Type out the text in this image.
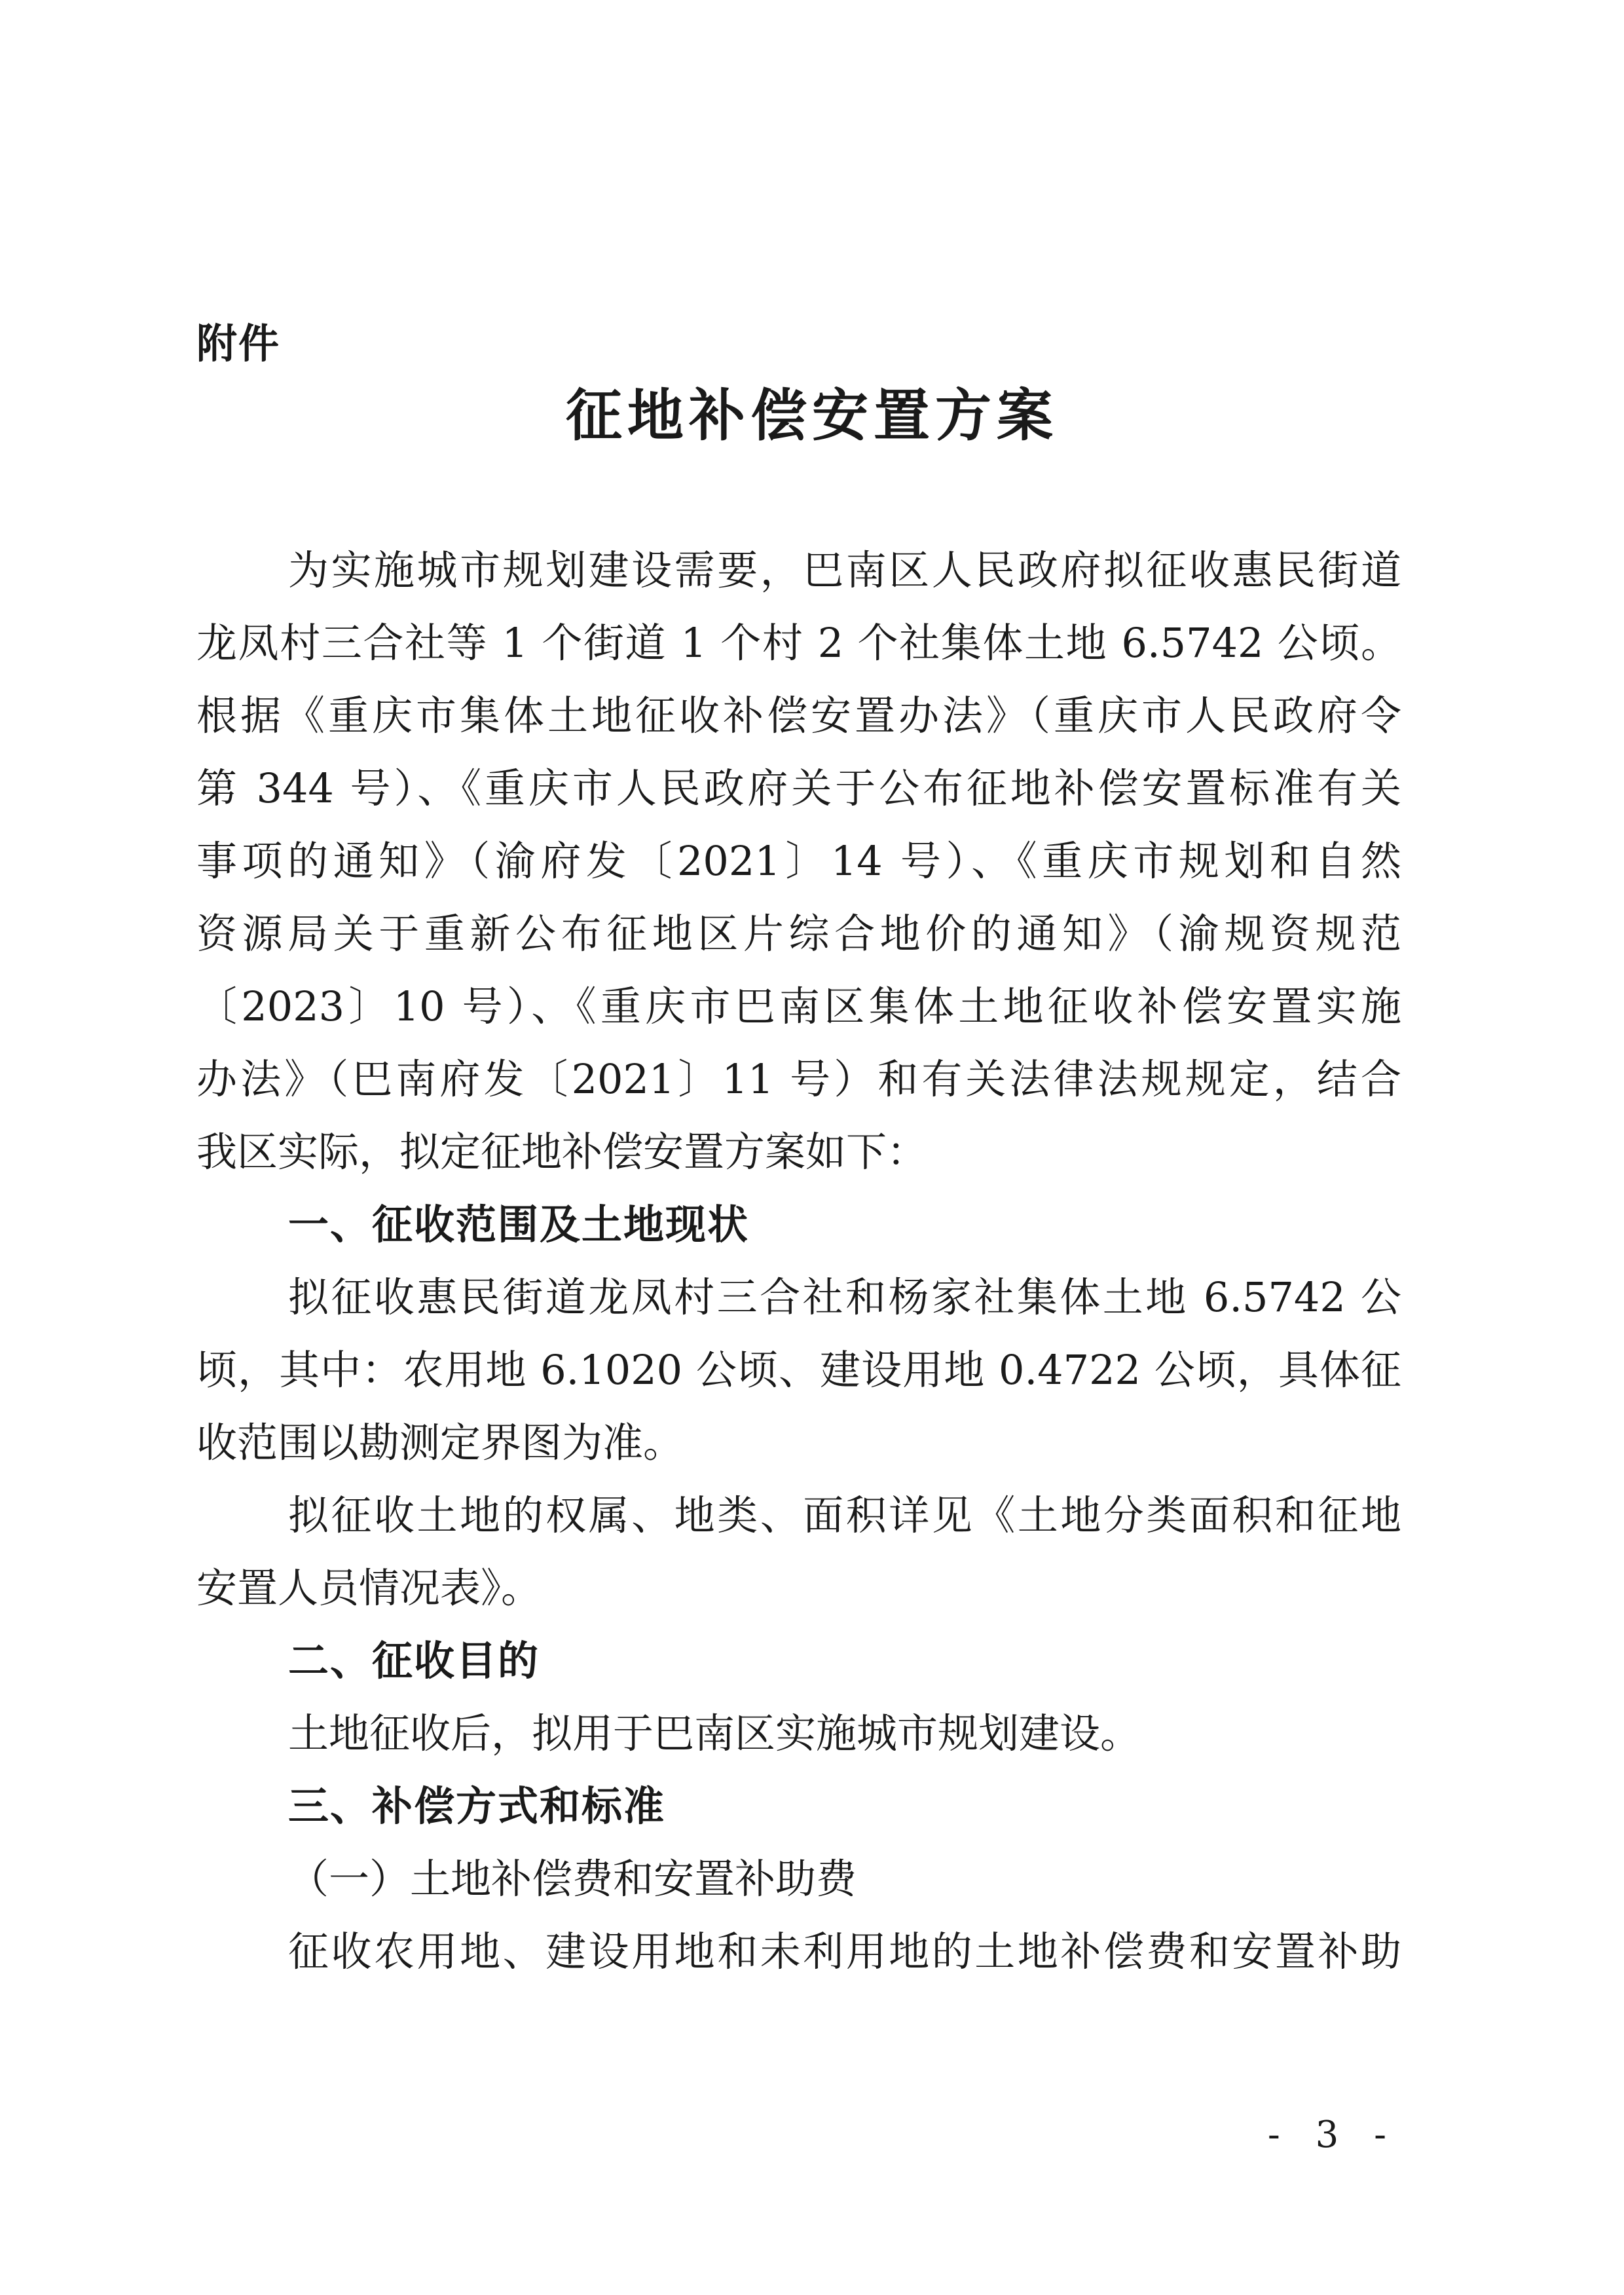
附件
征地补偿安置方案
为实施城市规划建设需要，巴南区人民政府拟征收惠民街道
龙凤村三合社等 1 个街道 1 个村 2 个社集体土地 6.5742 公顷。
根据《重庆市集体土地征收补偿安置办法》（重庆市人民政府令
第 344 号）、《重庆市人民政府关于公布征地补偿安置标准有关
事项的通知》（渝府发〔2021〕14 号）、《重庆市规划和自然
资源局关于重新公布征地区片综合地价的通知》（渝规资规范
〔2023〕10 号）、《重庆市巴南区集体土地征收补偿安置实施
办法》（巴南府发〔2021〕11 号）和有关法律法规规定，结合
我区实际，拟定征地补偿安置方案如下：
一、征收范围及土地现状
拟征收惠民街道龙凤村三合社和杨家社集体土地 6.5742 公
顷，其中：农用地 6.1020 公顷、建设用地 0.4722 公顷，具体征
收范围以勘测定界图为准。
拟征收土地的权属、地类、面积详见《土地分类面积和征地
安置人员情况表》。
二、征收目的
土地征收后，拟用于巴南区实施城市规划建设。
三、补偿方式和标准
（一）土地补偿费和安置补助费
征收农用地、建设用地和未利用地的土地补偿费和安置补助
- 3 -
